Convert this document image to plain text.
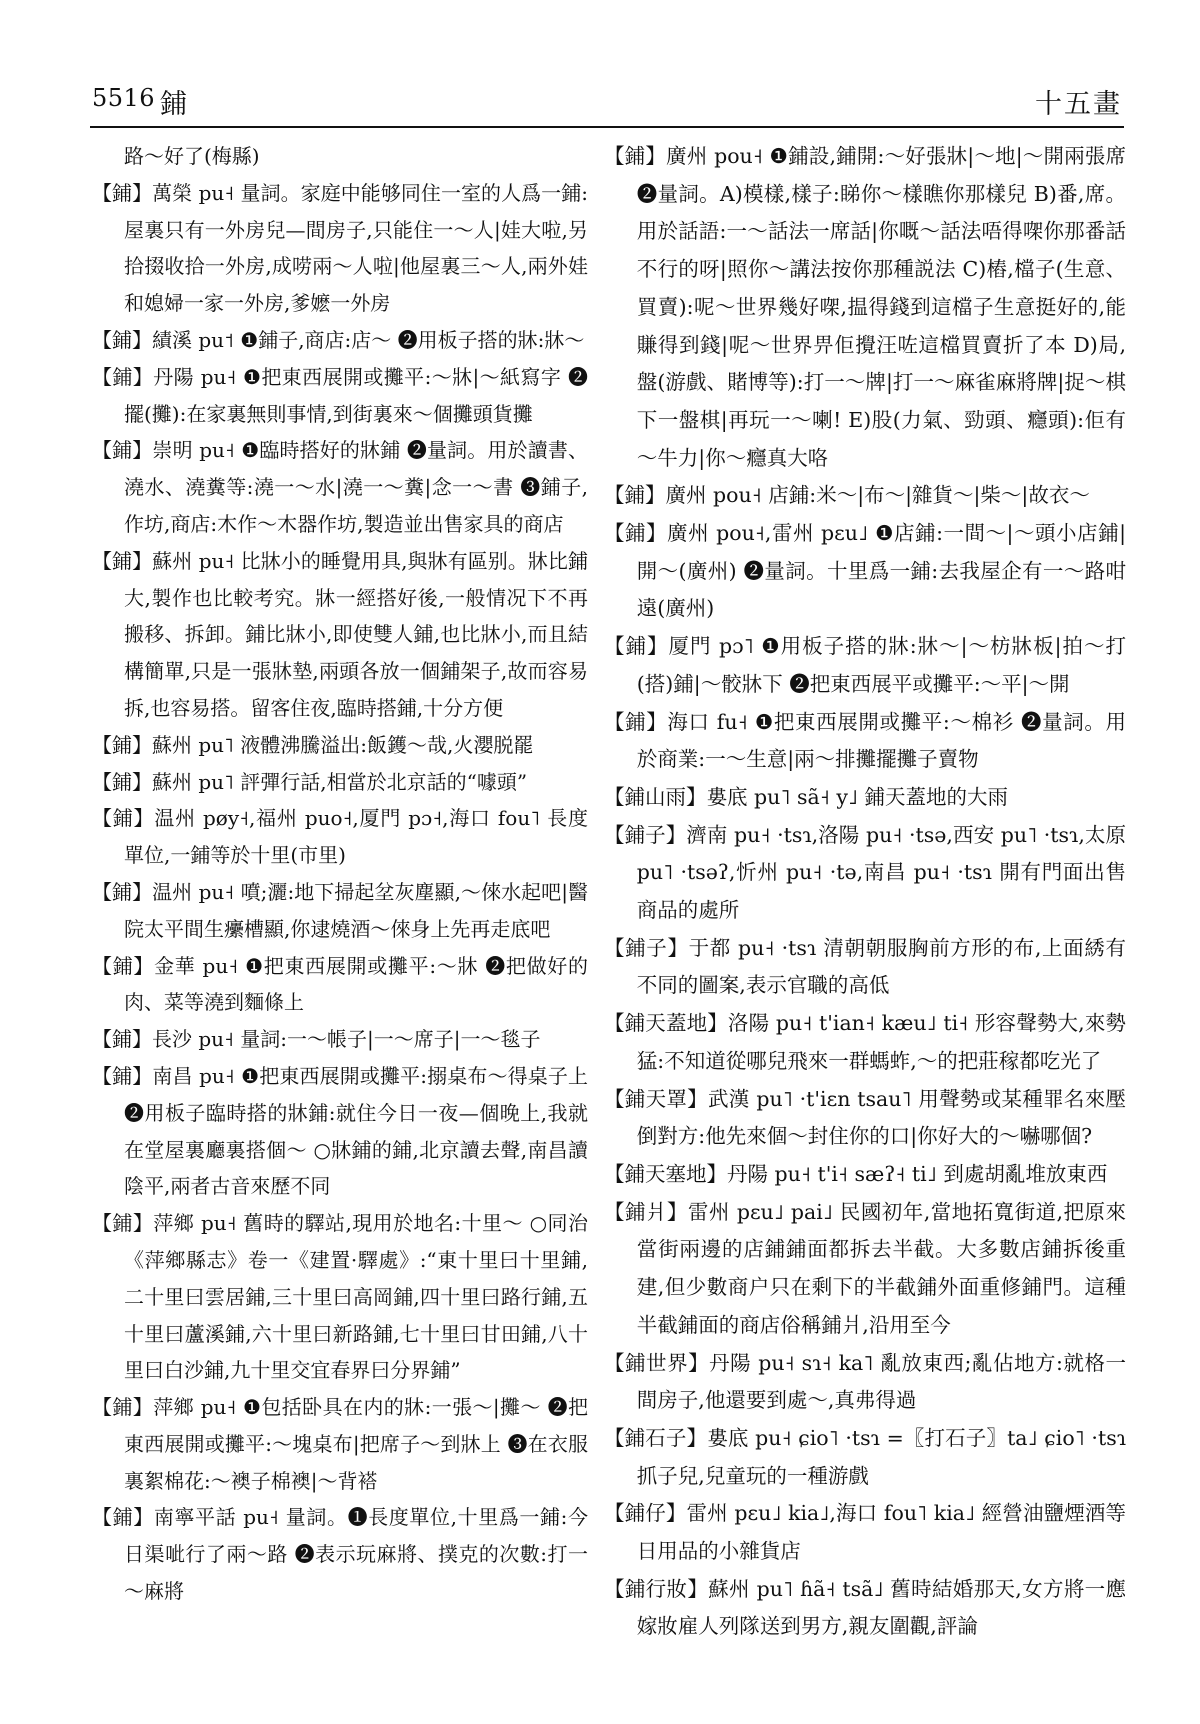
5516 鋪	十五畫

路～好了(梅縣)

【鋪】萬榮 pu˧ 量詞。家庭中能够同住一室的人爲一鋪:屋裏只有一外房兒—間房子,只能住一～人|娃大啦,另拾掇收拾一外房,成唠兩～人啦|他屋裏三～人,兩外娃和媳婦一家一外房,爹嬷一外房

【鋪】績溪 pu˦ ❶鋪子,商店:店～ ❷用板子搭的牀:牀～

【鋪】丹陽 pu˧ ❶把東西展開或攤平:～牀|～紙寫字 ❷擺(攤):在家裏無則事情,到街裏來～個攤頭貨攤

【鋪】崇明 pu˧ ❶臨時搭好的牀鋪 ❷量詞。用於讀書、澆水、澆糞等:澆一～水|澆一～糞|念一～書 ❸鋪子,作坊,商店:木作～木器作坊,製造並出售家具的商店

【鋪】蘇州 pu˧ 比牀小的睡覺用具,與牀有區别。牀比鋪大,製作也比較考究。牀一經搭好後,一般情况下不再搬移、拆卸。鋪比牀小,即使雙人鋪,也比牀小,而且結構簡單,只是一張牀墊,兩頭各放一個鋪架子,故而容易拆,也容易搭。留客住夜,臨時搭鋪,十分方便

【鋪】蘇州 pu˥ 液體沸騰溢出:飯鑊～哉,火瀴脱罷

【鋪】蘇州 pu˥ 評彈行話,相當於北京話的“噱頭”

【鋪】温州 pøy˧,福州 puo˧,厦門 pɔ˧,海口 fou˥ 長度單位,一鋪等於十里(市里)

【鋪】温州 pu˧ 噴;灑:地下掃起坌灰塵顯,～倈水起吧|醫院太平間生癳槽顯,你逮燒酒～倈身上先再走底吧

【鋪】金華 pu˧ ❶把東西展開或攤平:～牀 ❷把做好的肉、菜等澆到麵條上

【鋪】長沙 pu˧ 量詞:一～帳子|一～席子|一～毯子

【鋪】南昌 pu˧ ❶把東西展開或攤平:搦桌布～得桌子上 ❷用板子臨時搭的牀鋪:就住今日一夜—個晚上,我就在堂屋裏廳裏搭個～ ○牀鋪的鋪,北京讀去聲,南昌讀陰平,兩者古音來歷不同

【鋪】萍鄉 pu˧ 舊時的驛站,現用於地名:十里～ ○同治《萍鄉縣志》卷一《建置·驛處》:“東十里曰十里鋪,二十里曰雲居鋪,三十里曰高岡鋪,四十里曰路行鋪,五十里曰蘆溪鋪,六十里曰新路鋪,七十里曰甘田鋪,八十里曰白沙鋪,九十里交宜春界曰分界鋪”

【鋪】萍鄉 pu˧ ❶包括卧具在内的牀:一張～|攤～ ❷把東西展開或攤平:～塊桌布|把席子～到牀上 ❸在衣服裏絮棉花:～襖子棉襖|～背褡

【鋪】南寧平話 pu˧ 量詞。❶長度單位,十里爲一鋪:今日渠呲行了兩～路 ❷表示玩麻將、撲克的次數:打一～麻將

【鋪】廣州 pou˧ ❶鋪設,鋪開:～好張牀|～地|～開兩張席 ❷量詞。A)模樣,樣子:睇你～樣瞧你那樣兒 B)番,席。用於話語:一～話法一席話|你嘅～話法唔得㗎你那番話不行的呀|照你～講法按你那種説法 C)樁,檔子(生意、買賣):呢～世界幾好㗎,揾得錢到這檔子生意挺好的,能賺得到錢|呢～世界畀佢攪汪咗這檔買賣折了本 D)局,盤(游戲、賭博等):打一～牌|打一～麻雀麻將牌|捉～棋下一盤棋|再玩一～喇! E)股(力氣、勁頭、癮頭):佢有～牛力|你～癮真大咯

【鋪】廣州 pou˧ 店鋪:米～|布～|雜貨～|柴～|故衣～

【鋪】廣州 pou˧,雷州 pɛu˩ ❶店鋪:一間～|～頭小店鋪|開～(廣州) ❷量詞。十里爲一鋪:去我屋企有一～路咁遠(廣州)

【鋪】厦門 pɔ˥ ❶用板子搭的牀:牀～|～枋牀板|拍～打(搭)鋪|～骹牀下 ❷把東西展平或攤平:～平|～開

【鋪】海口 fu˧ ❶把東西展開或攤平:～棉衫 ❷量詞。用於商業:一～生意|兩～排攤擺攤子賣物

【鋪山雨】婁底 pu˥ sã˧ y˩ 鋪天蓋地的大雨

【鋪子】濟南 pu˧ ·tsɿ,洛陽 pu˧ ·tsə,西安 pu˥ ·tsɿ,太原 pu˥ ·tsəʔ,忻州 pu˧ ·tə,南昌 pu˧ ·tsɿ 開有門面出售商品的處所

【鋪子】于都 pu˧ ·tsɿ 清朝朝服胸前方形的布,上面綉有不同的圖案,表示官職的高低

【鋪天蓋地】洛陽 pu˧ t'ian˧ kæu˩ ti˧ 形容聲勢大,來勢猛:不知道從哪兒飛來一群螞蚱,～的把莊稼都吃光了

【鋪天罩】武漢 pu˥ ·t'iɛn tsau˥ 用聲勢或某種罪名來壓倒對方:他先來個～封住你的口|你好大的～嚇哪個?

【鋪天塞地】丹陽 pu˧ t'i˧ sæʔ˧ ti˩ 到處胡亂堆放東西

【鋪爿】雷州 pɛu˩ pai˩ 民國初年,當地拓寬街道,把原來當街兩邊的店鋪鋪面都拆去半截。大多數店鋪拆後重建,但少數商户只在剩下的半截鋪外面重修鋪門。這種半截鋪面的商店俗稱鋪爿,沿用至今

【鋪世界】丹陽 pu˧ sɿ˧ ka˥ 亂放東西;亂佔地方:就格一間房子,他還要到處～,真弗得過

【鋪石子】婁底 pu˧ ɕio˥ ·tsɿ =〖打石子〗ta˩ ɕio˥ ·tsɿ 抓子兒,兒童玩的一種游戲

【鋪仔】雷州 pɛu˩ kia˩,海口 fou˥ kia˩ 經營油鹽煙酒等日用品的小雜貨店

【鋪行妝】蘇州 pu˥ ɦã˧ tsã˩ 舊時結婚那天,女方將一應嫁妝雇人列隊送到男方,親友圍觀,評論
